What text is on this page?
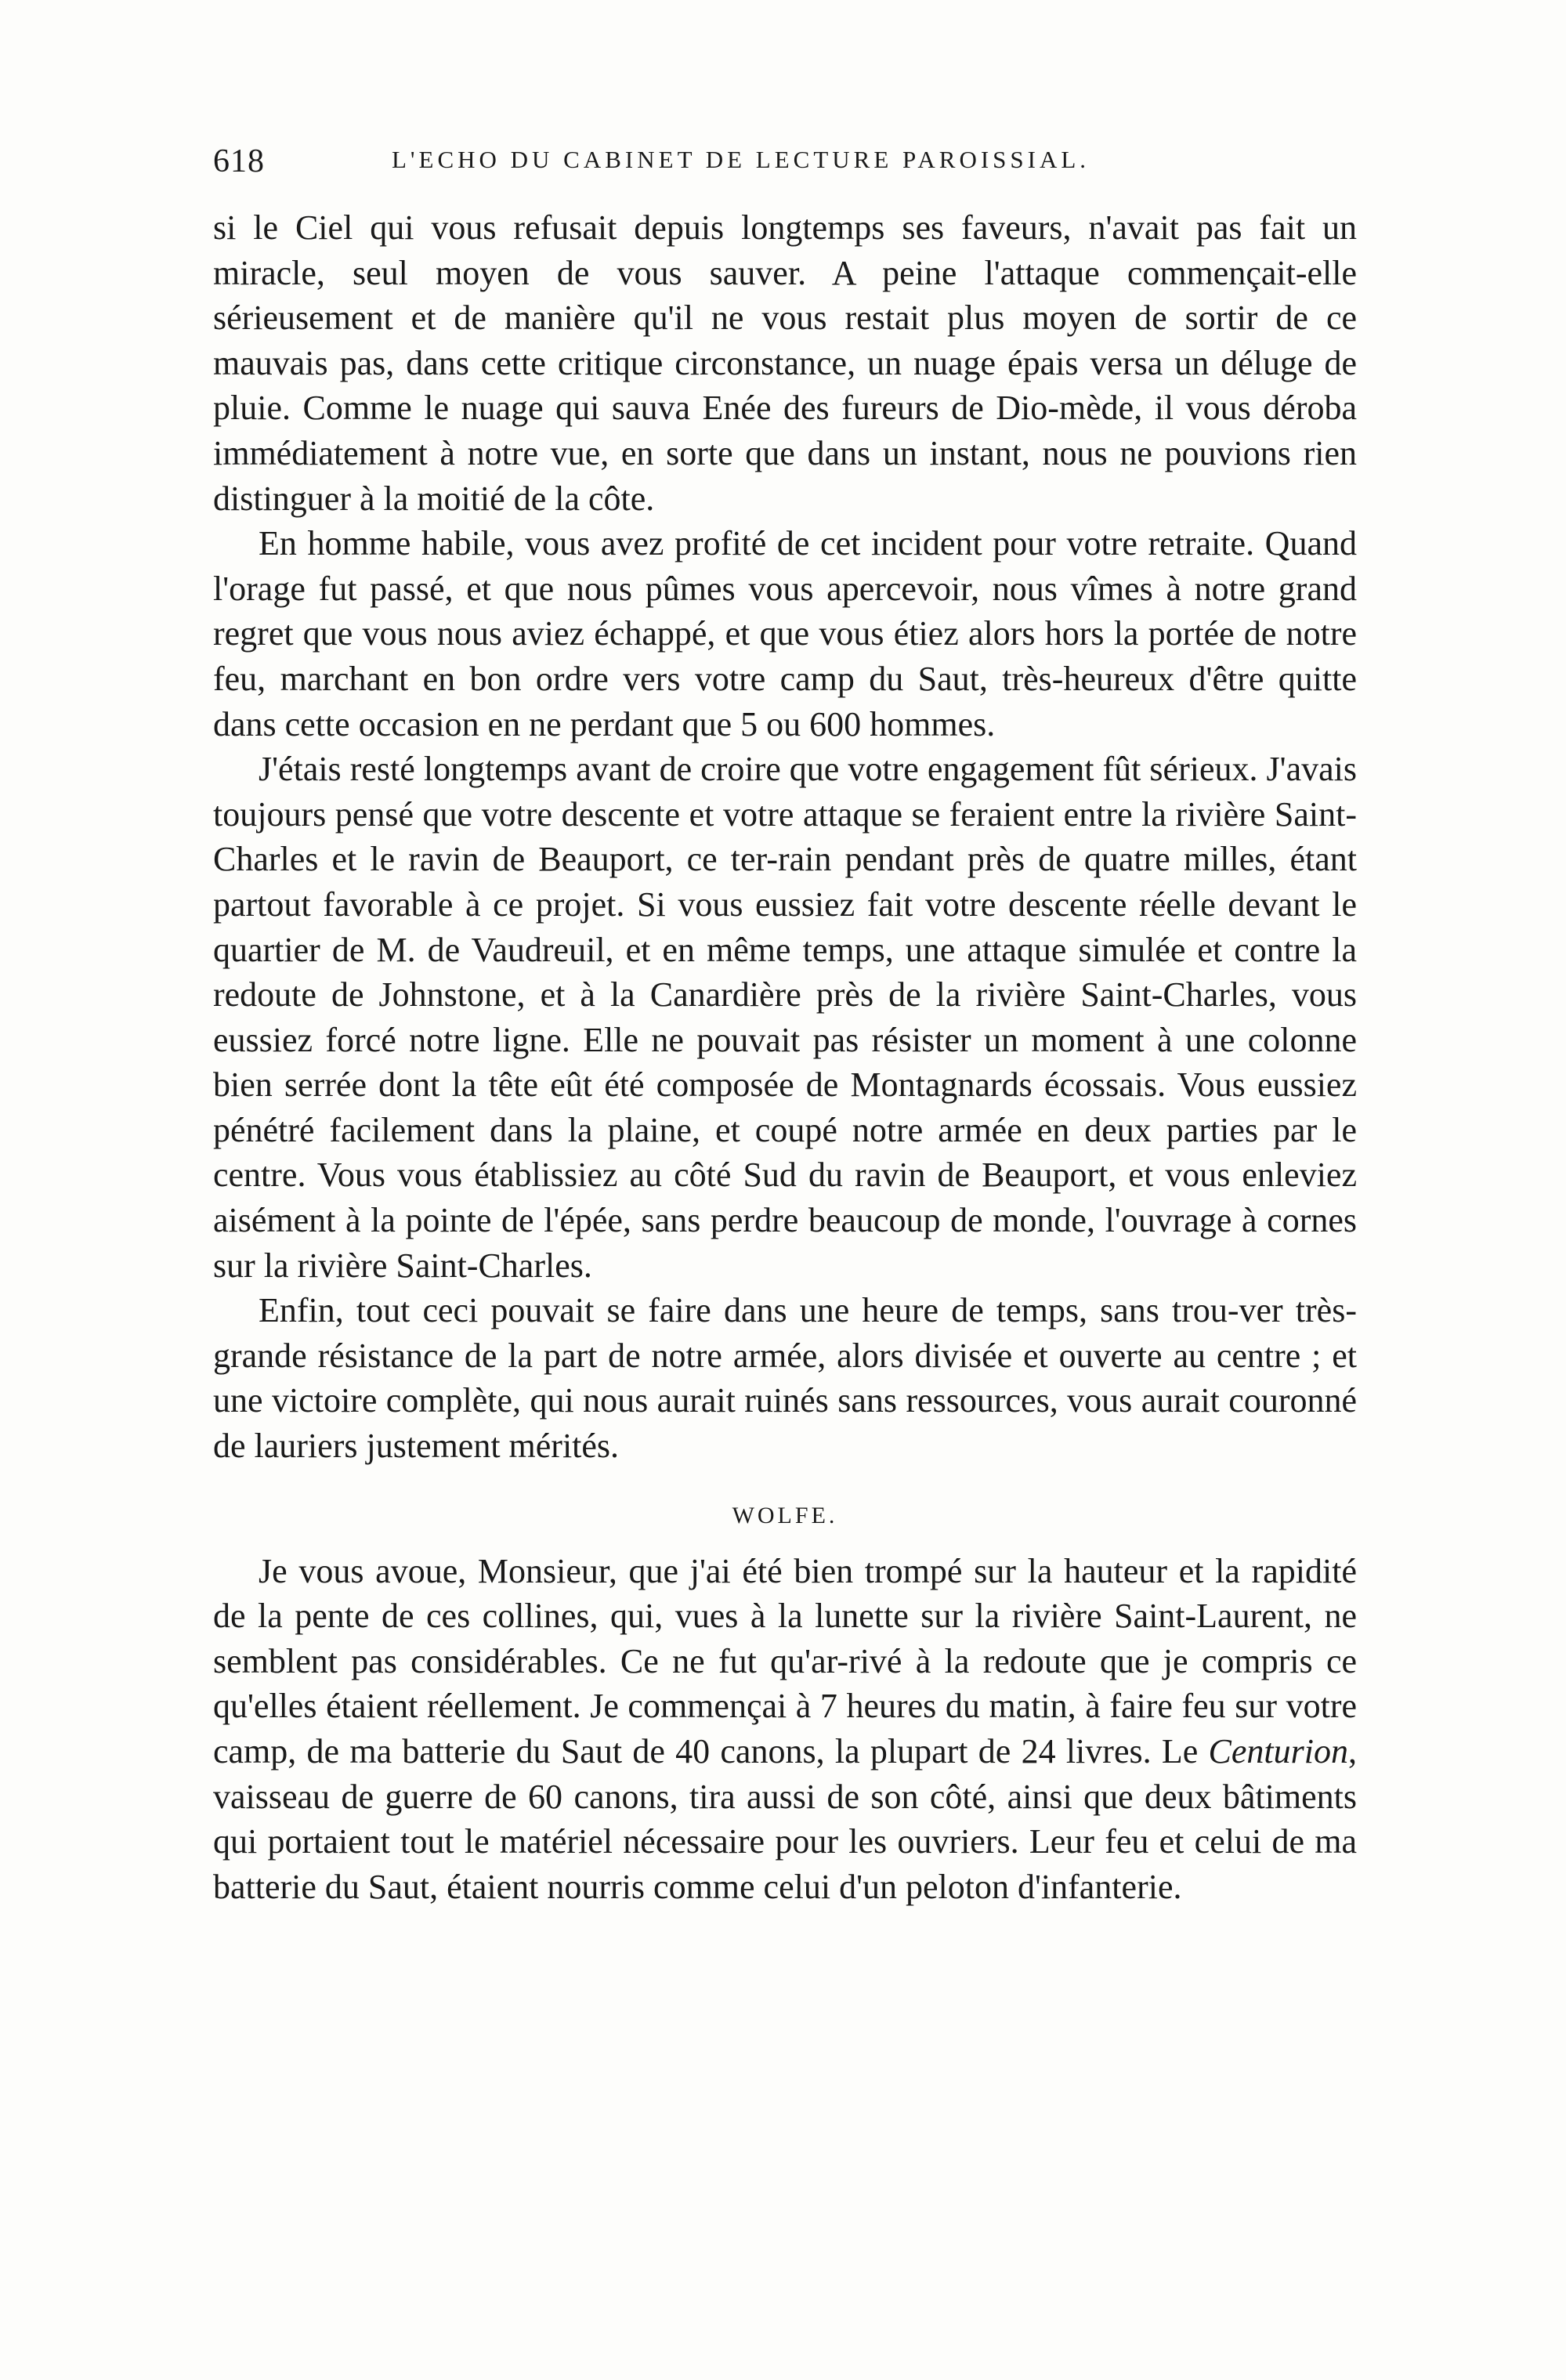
618	L'ECHO DU CABINET DE LECTURE PAROISSIAL.

si le Ciel qui vous refusait depuis longtemps ses faveurs, n'avait pas fait un miracle, seul moyen de vous sauver. A peine l'attaque commençait-elle sérieusement et de manière qu'il ne vous restait plus moyen de sortir de ce mauvais pas, dans cette critique circonstance, un nuage épais versa un déluge de pluie. Comme le nuage qui sauva Enée des fureurs de Dio-mède, il vous déroba immédiatement à notre vue, en sorte que dans un instant, nous ne pouvions rien distinguer à la moitié de la côte.

En homme habile, vous avez profité de cet incident pour votre retraite. Quand l'orage fut passé, et que nous pûmes vous apercevoir, nous vîmes à notre grand regret que vous nous aviez échappé, et que vous étiez alors hors la portée de notre feu, marchant en bon ordre vers votre camp du Saut, très-heureux d'être quitte dans cette occasion en ne perdant que 5 ou 600 hommes.

J'étais resté longtemps avant de croire que votre engagement fût sérieux. J'avais toujours pensé que votre descente et votre attaque se feraient entre la rivière Saint-Charles et le ravin de Beauport, ce ter-rain pendant près de quatre milles, étant partout favorable à ce projet. Si vous eussiez fait votre descente réelle devant le quartier de M. de Vaudreuil, et en même temps, une attaque simulée et contre la redoute de Johnstone, et à la Canardière près de la rivière Saint-Charles, vous eussiez forcé notre ligne. Elle ne pouvait pas résister un moment à une colonne bien serrée dont la tête eût été composée de Montagnards écossais. Vous eussiez pénétré facilement dans la plaine, et coupé notre armée en deux parties par le centre. Vous vous établissiez au côté Sud du ravin de Beauport, et vous enleviez aisément à la pointe de l'épée, sans perdre beaucoup de monde, l'ouvrage à cornes sur la rivière Saint-Charles.

Enfin, tout ceci pouvait se faire dans une heure de temps, sans trou-ver très-grande résistance de la part de notre armée, alors divisée et ouverte au centre ; et une victoire complète, qui nous aurait ruinés sans ressources, vous aurait couronné de lauriers justement mérités.

WOLFE.

Je vous avoue, Monsieur, que j'ai été bien trompé sur la hauteur et la rapidité de la pente de ces collines, qui, vues à la lunette sur la rivière Saint-Laurent, ne semblent pas considérables. Ce ne fut qu'ar-rivé à la redoute que je compris ce qu'elles étaient réellement. Je commençai à 7 heures du matin, à faire feu sur votre camp, de ma batterie du Saut de 40 canons, la plupart de 24 livres. Le Centurion, vaisseau de guerre de 60 canons, tira aussi de son côté, ainsi que deux bâtiments qui portaient tout le matériel nécessaire pour les ouvriers. Leur feu et celui de ma batterie du Saut, étaient nourris comme celui d'un peloton d'infanterie.
